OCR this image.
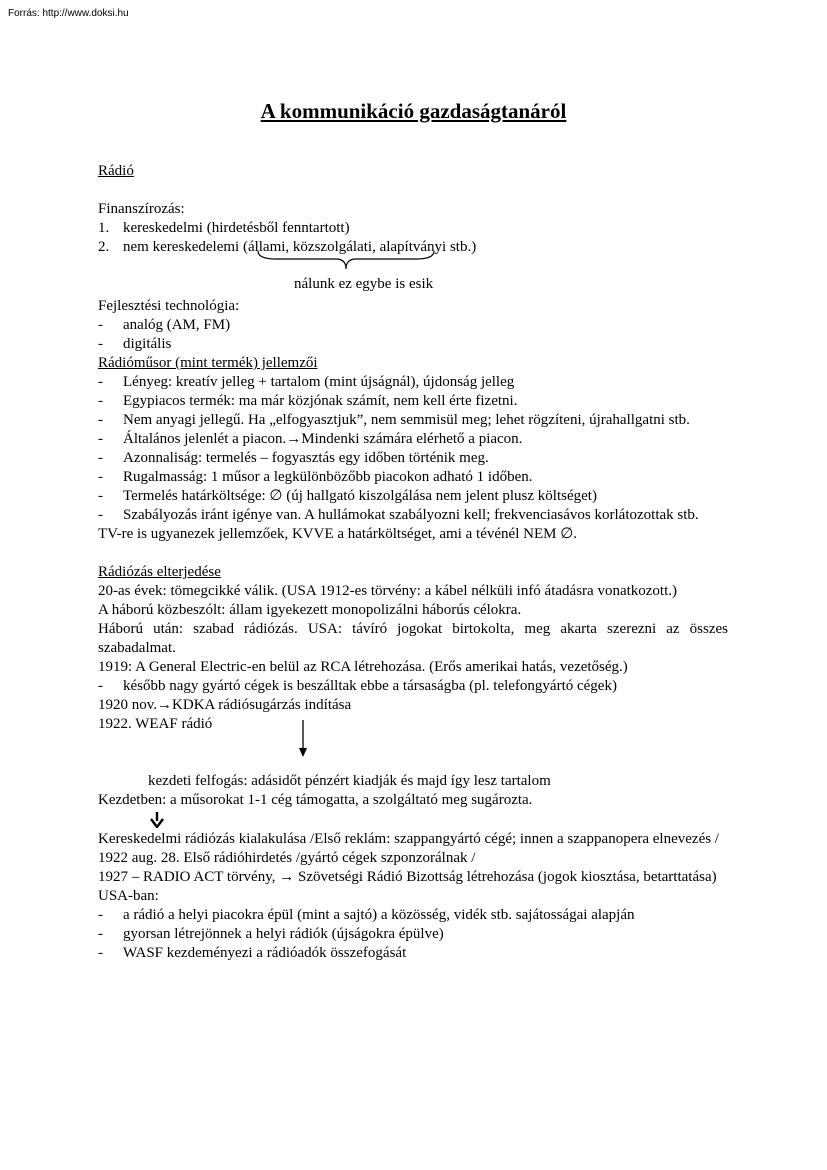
Forrás: http://www.doksi.hu
A kommunikáció gazdaságtanáról
Rádió
Finanszírozás:
1. kereskedelmi (hirdetésből fenntartott)
2. nem kereskedelemi (állami, közszolgálati, alapítványi stb.)
nálunk ez egybe is esik
Fejlesztési technológia:
- analóg (AM, FM)
- digitális
Rádióműsor (mint termék) jellemzői
- Lényeg: kreatív jelleg + tartalom (mint újságnál), újdonság jelleg
- Egypiacos termék: ma már közjónak számít, nem kell érte fizetni.
- Nem anyagi jellegű. Ha „elfogyasztjuk”, nem semmisül meg; lehet rögzíteni, újrahallgatni stb.
- Általános jelenlét a piacon.→Mindenki számára elérhető a piacon.
- Azonnaliság: termelés – fogyasztás egy időben történik meg.
- Rugalmasság: 1 műsor a legkülönbözőbb piacokon adható 1 időben.
- Termelés határköltsége: ∅ (új hallgató kiszolgálása nem jelent plusz költséget)
- Szabályozás iránt igénye van. A hullámokat szabályozni kell; frekvenciasávos korlátozottak stb.
TV-re is ugyanezek jellemzőek, KVVE a határköltséget, ami a tévénél NEM ∅.
Rádiózás elterjedése
20-as évek: tömegcikké válik. (USA 1912-es törvény: a kábel nélküli infó átadásra vonatkozott.)
A háború közbeszólt: állam igyekezett monopolizálni háborús célokra.
Háború után: szabad rádiózás. USA: távíró jogokat birtokolta, meg akarta szerezni az összes szabadalmat.
1919: A General Electric-en belül az RCA létrehozása. (Erős amerikai hatás, vezetőség.)
- később nagy gyártó cégek is beszálltak ebbe a társaságba (pl. telefongyártó cégek)
1920 nov.→KDKA rádiósugárzás indítása
1922. WEAF rádió
kezdeti felfogás: adásidőt pénzért kiadják és majd így lesz tartalom
Kezdetben: a műsorokat 1-1 cég támogatta, a szolgáltató meg sugározta.
Kereskedelmi rádiózás kialakulása /Első reklám: szappangyártó cégé; innen a szappanopera elnevezés /
1922 aug. 28. Első rádióhirdetés /gyártó cégek szponzorálnak /
1927 – RADIO ACT törvény, → Szövetségi Rádió Bizottság létrehozása (jogok kiosztása, betarttatása)
USA-ban:
- a rádió a helyi piacokra épül (mint a sajtó) a közösség, vidék stb. sajátosságai alapján
- gyorsan létrejönnek a helyi rádiók (újságokra épülve)
- WASF kezdeményezi a rádióadók összefogását
